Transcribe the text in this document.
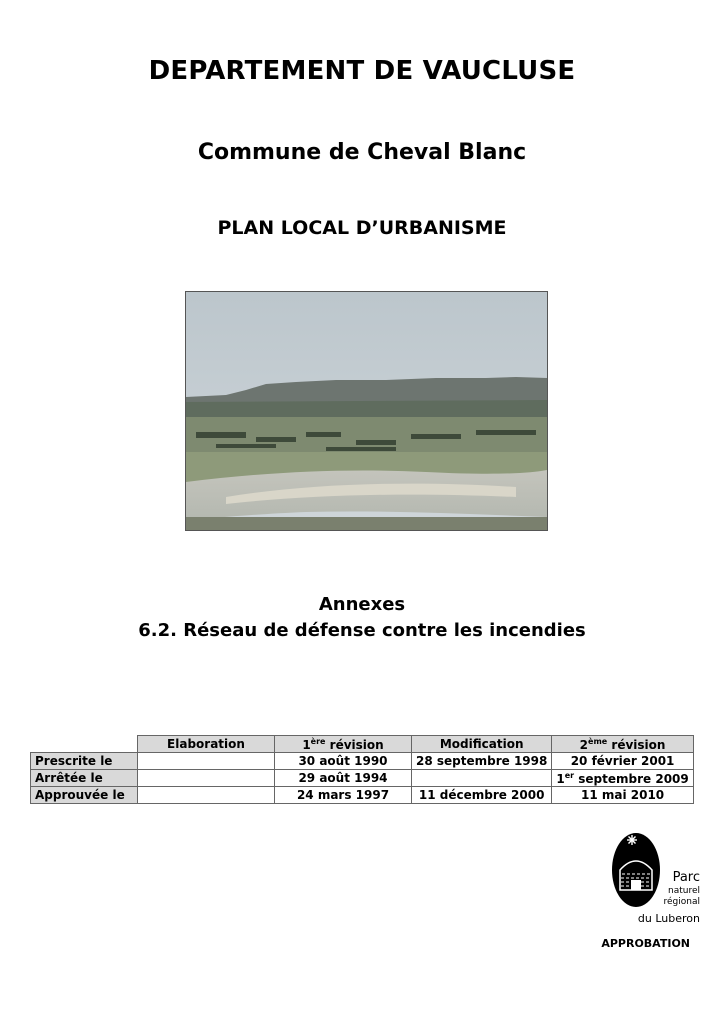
DEPARTEMENT DE VAUCLUSE
Commune de Cheval Blanc
PLAN LOCAL D’URBANISME
Annexes
6.2. Réseau de défense contre les incendies
	Elaboration	1ère révision	Modification	2ème révision
Prescrite le		30 août 1990	28 septembre 1998	20 février 2001
Arrêtée le		29 août 1994		1er septembre 2009
Approuvée le		24 mars 1997	11 décembre 2000	11 mai 2010
Parc
naturel
régional
du Luberon
APPROBATION
